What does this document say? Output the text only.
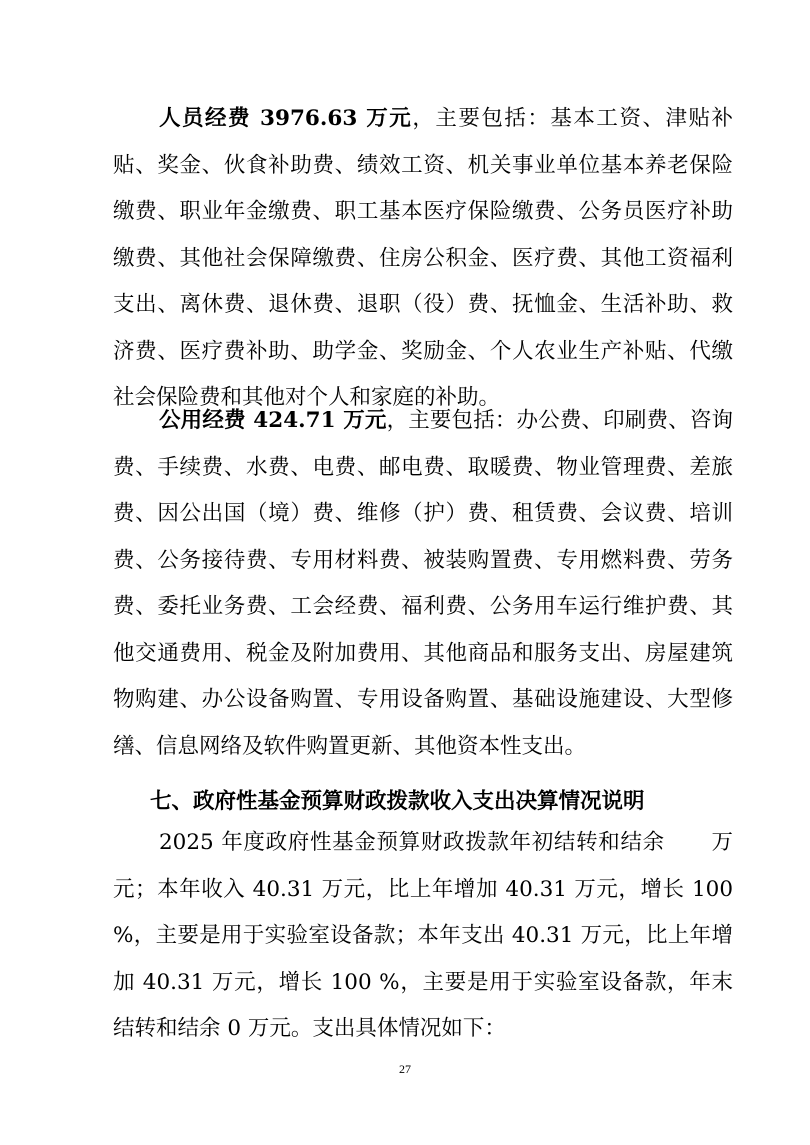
人员经费 3976.63 万元，主要包括：基本工资、津贴补贴、奖金、伙食补助费、绩效工资、机关事业单位基本养老保险缴费、职业年金缴费、职工基本医疗保险缴费、公务员医疗补助缴费、其他社会保障缴费、住房公积金、医疗费、其他工资福利支出、离休费、退休费、退职（役）费、抚恤金、生活补助、救济费、医疗费补助、助学金、奖励金、个人农业生产补贴、代缴社会保险费和其他对个人和家庭的补助。

公用经费 424.71 万元，主要包括：办公费、印刷费、咨询费、手续费、水费、电费、邮电费、取暖费、物业管理费、差旅费、因公出国（境）费、维修（护）费、租赁费、会议费、培训费、公务接待费、专用材料费、被装购置费、专用燃料费、劳务费、委托业务费、工会经费、福利费、公务用车运行维护费、其他交通费用、税金及附加费用、其他商品和服务支出、房屋建筑物购建、办公设备购置、专用设备购置、基础设施建设、大型修缮、信息网络及软件购置更新、其他资本性支出。

七、政府性基金预算财政拨款收入支出决算情况说明

2025 年度政府性基金预算财政拨款年初结转和结余 万元；本年收入 40.31 万元，比上年增加 40.31 万元，增长 100 %，主要是用于实验室设备款；本年支出 40.31 万元，比上年增加 40.31 万元，增长 100 %，主要是用于实验室设备款，年末结转和结余 0 万元。支出具体情况如下：

27
